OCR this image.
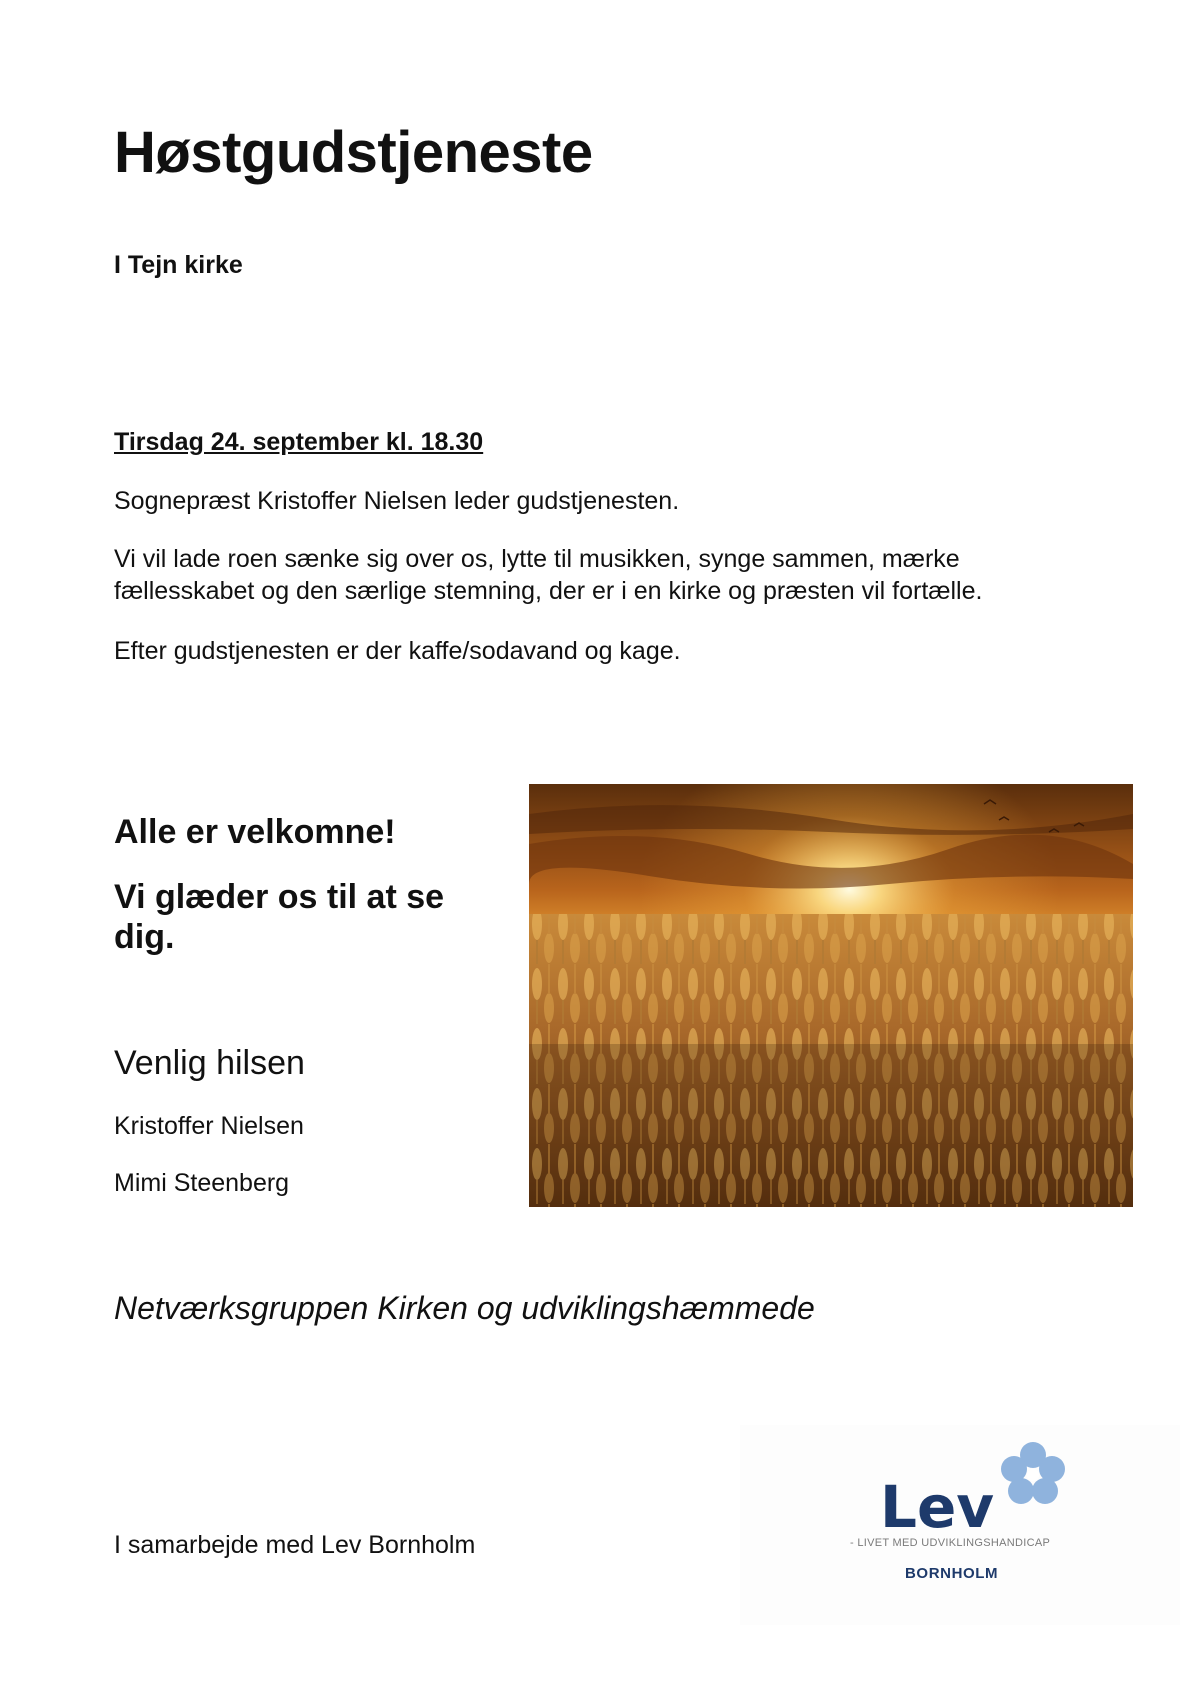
Høstgudstjeneste
I Tejn kirke
Tirsdag 24. september kl. 18.30

Sognepræst Kristoffer Nielsen leder gudstjenesten.

Vi vil lade roen sænke sig over os, lytte til musikken, synge sammen, mærke fællesskabet og den særlige stemning, der er i en kirke og præsten vil fortælle.

Efter gudstjenesten er der kaffe/sodavand og kage.

Alle er velkomne!
Vi glæder os til at se dig.
Venlig hilsen
Kristoffer Nielsen
Mimi Steenberg
Netværksgruppen Kirken og udviklingshæmmede
I samarbejde med Lev Bornholm
Lev
- LIVET MED UDVIKLINGSHANDICAP
BORNHOLM
